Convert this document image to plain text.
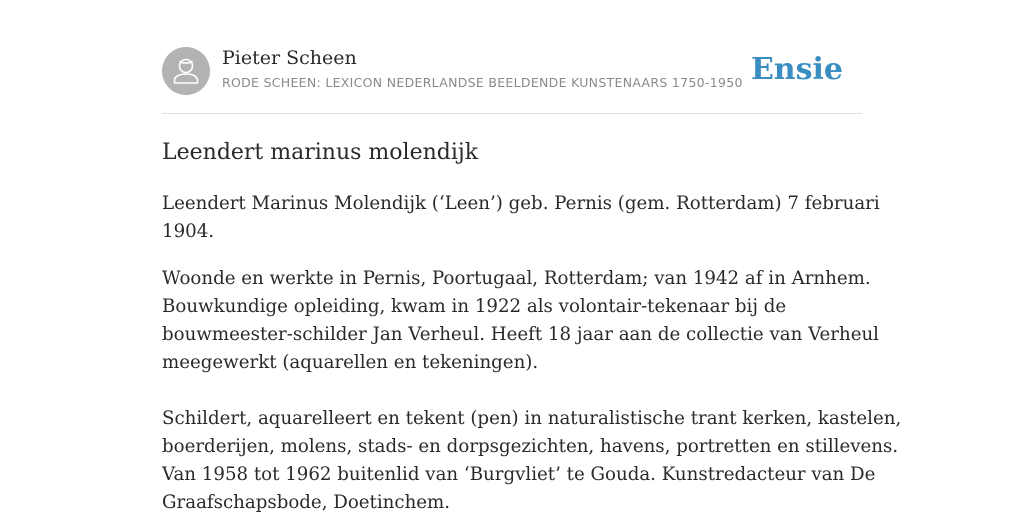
Pieter Scheen
RODE SCHEEN: LEXICON NEDERLANDSE BEELDENDE KUNSTENAARS 1750-1950 Ensie
Leendert marinus molendijk

Leendert Marinus Molendijk (‘Leen’) geb. Pernis (gem. Rotterdam) 7 februari
1904.

Woonde en werkte in Pernis, Poortugaal, Rotterdam; van 1942 af in Arnhem.
Bouwkundige opleiding, kwam in 1922 als volontair-tekenaar bij de
bouwmeester-schilder Jan Verheul. Heeft 18 jaar aan de collectie van Verheul
meegewerkt (aquarellen en tekeningen).

Schildert, aquarelleert en tekent (pen) in naturalistische trant kerken, kastelen,
boerderijen, molens, stads- en dorpsgezichten, havens, portretten en stillevens.
Van 1958 tot 1962 buitenlid van ‘Burgvliet’ te Gouda. Kunstredacteur van De
Graafschapsbode, Doetinchem.
